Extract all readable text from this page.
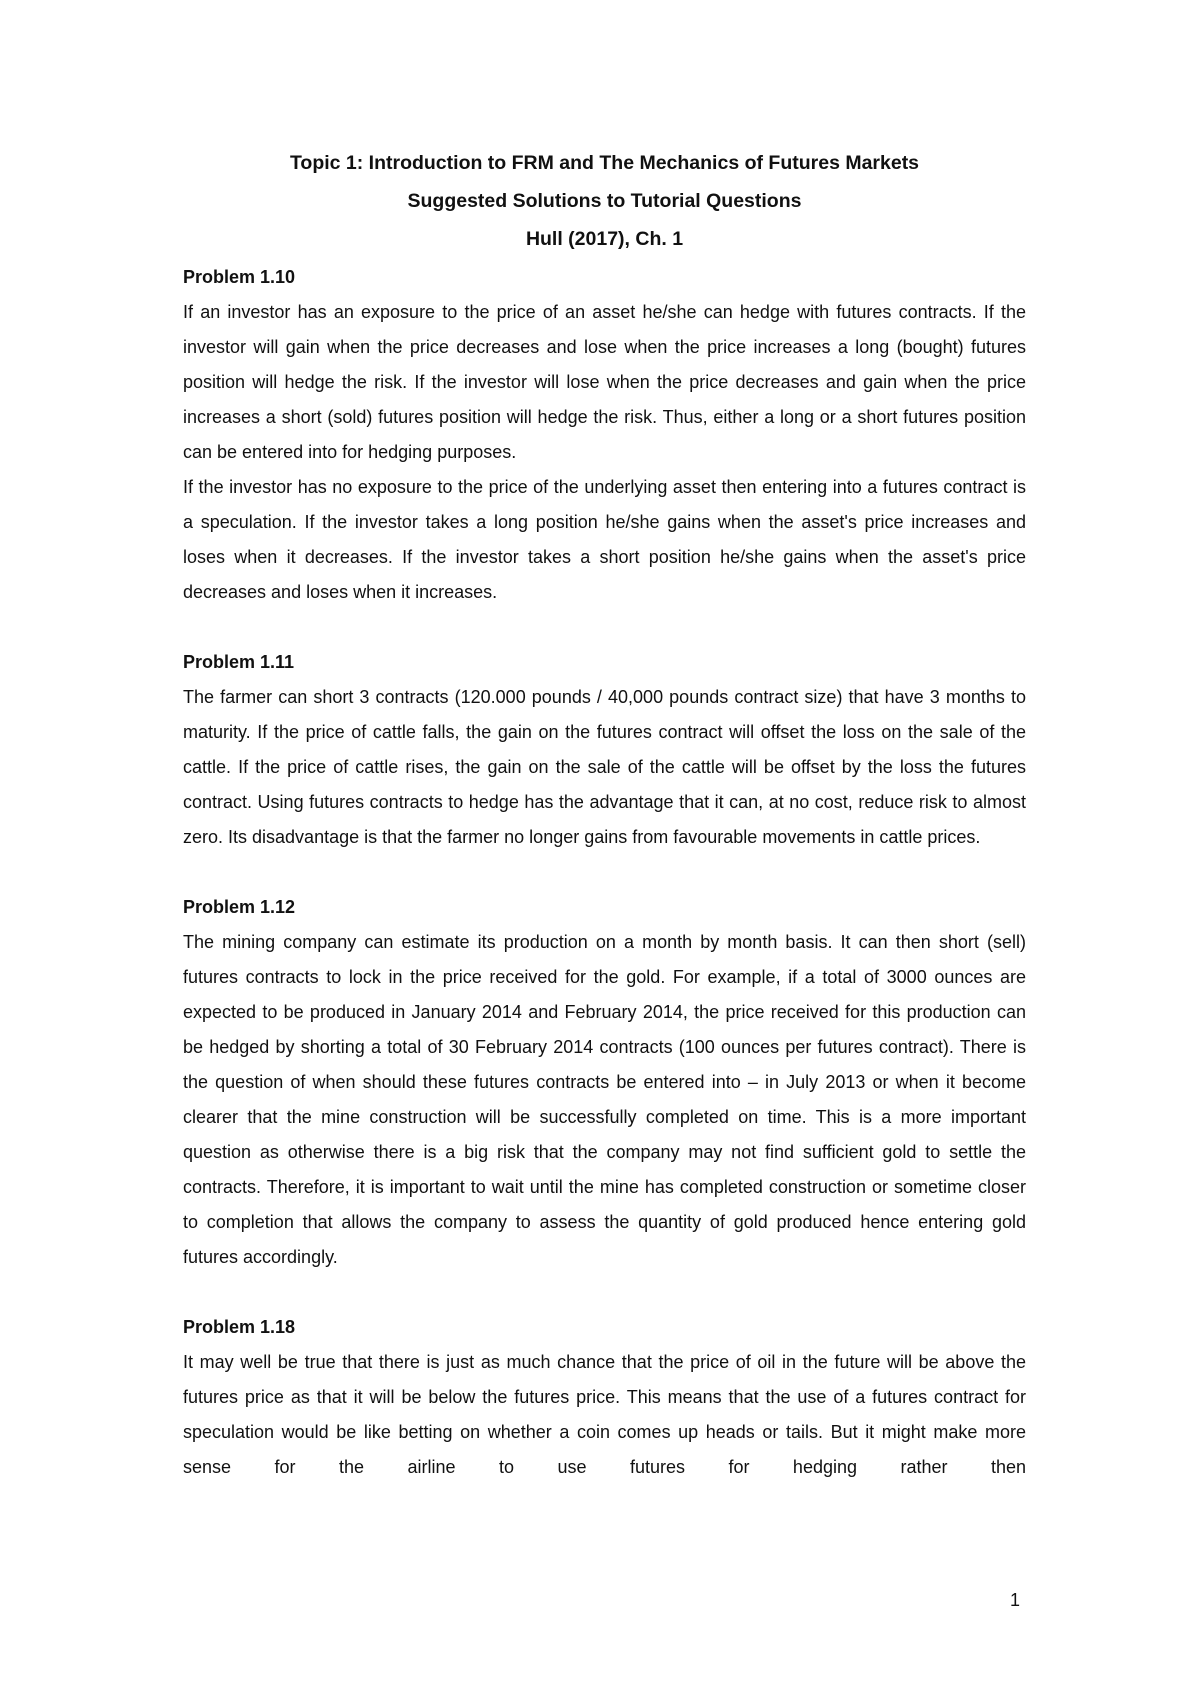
Topic 1: Introduction to FRM and The Mechanics of Futures Markets
Suggested Solutions to Tutorial Questions
Hull (2017), Ch. 1
Problem 1.10

If an investor has an exposure to the price of an asset he/she can hedge with futures contracts. If the investor will gain when the price decreases and lose when the price increases a long (bought) futures position will hedge the risk. If the investor will lose when the price decreases and gain when the price increases a short (sold) futures position will hedge the risk. Thus, either a long or a short futures position can be entered into for hedging purposes.

If the investor has no exposure to the price of the underlying asset then entering into a futures contract is a speculation. If the investor takes a long position he/she gains when the asset's price increases and loses when it decreases. If the investor takes a short position he/she gains when the asset's price decreases and loses when it increases.

Problem 1.11

The farmer can short 3 contracts (120.000 pounds / 40,000 pounds contract size) that have 3 months to maturity. If the price of cattle falls, the gain on the futures contract will offset the loss on the sale of the cattle. If the price of cattle rises, the gain on the sale of the cattle will be offset by the loss the futures contract. Using futures contracts to hedge has the advantage that it can, at no cost, reduce risk to almost zero. Its disadvantage is that the farmer no longer gains from favourable movements in cattle prices.

Problem 1.12

The mining company can estimate its production on a month by month basis. It can then short (sell) futures contracts to lock in the price received for the gold. For example, if a total of 3000 ounces are expected to be produced in January 2014 and February 2014, the price received for this production can be hedged by shorting a total of 30 February 2014 contracts (100 ounces per futures contract). There is the question of when should these futures contracts be entered into – in July 2013 or when it become clearer that the mine construction will be successfully completed on time. This is a more important question as otherwise there is a big risk that the company may not find sufficient gold to settle the contracts. Therefore, it is important to wait until the mine has completed construction or sometime closer to completion that allows the company to assess the quantity of gold produced hence entering gold futures accordingly.

Problem 1.18

It may well be true that there is just as much chance that the price of oil in the future will be above the futures price as that it will be below the futures price. This means that the use of a futures contract for speculation would be like betting on whether a coin comes up heads or tails. But it might make more sense for the airline to use futures for hedging rather then

1
